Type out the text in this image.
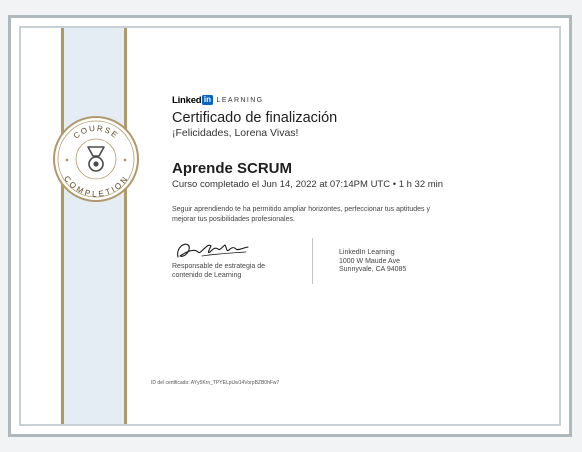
COURSE
COMPLETION
Linked in LEARNING
Certificado de finalización
¡Felicidades, Lorena Vivas!
Aprende SCRUM
Curso completado el Jun 14, 2022 at 07:14PM UTC • 1 h 32 min
Seguir aprendiendo te ha permitido ampliar horizontes, perfeccionar tus aptitudes y mejorar tus posibilidades profesionales.
Responsable de estrategia de
contenido de Learning
LinkedIn Learning
1000 W Maude Ave
Sunnyvale, CA 94085
ID del certificado: AYy5Krn_TPYELpUw14VorpBZB0hFw7
